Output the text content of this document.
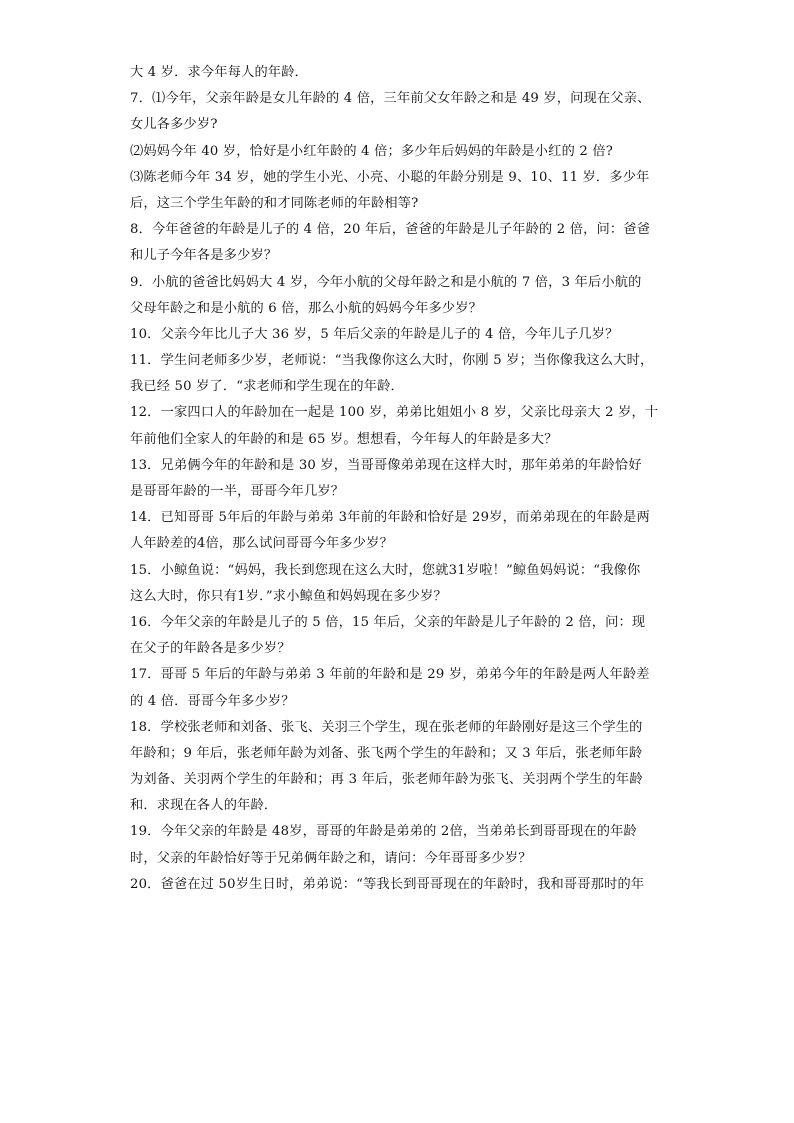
大 4 岁．求今年每人的年龄．
7．⑴今年，父亲年龄是女儿年龄的 4 倍，三年前父女年龄之和是 49 岁，问现在父亲、
女儿各多少岁?
⑵妈妈今年 40 岁，恰好是小红年龄的 4 倍；多少年后妈妈的年龄是小红的 2 倍?
⑶陈老师今年 34 岁，她的学生小光、小亮、小聪的年龄分别是 9、10、11 岁．多少年
后，这三个学生年龄的和才同陈老师的年龄相等?
8．今年爸爸的年龄是儿子的 4 倍，20 年后，爸爸的年龄是儿子年龄的 2 倍，问：爸爸
和儿子今年各是多少岁？
9．小航的爸爸比妈妈大 4 岁，今年小航的父母年龄之和是小航的 7 倍，3 年后小航的
父母年龄之和是小航的 6 倍，那么小航的妈妈今年多少岁？
10．父亲今年比儿子大 36 岁，5 年后父亲的年龄是儿子的 4 倍，今年儿子几岁？
11．学生问老师多少岁，老师说：“当我像你这么大时，你刚 5 岁；当你像我这么大时，
我已经 50 岁了．“求老师和学生现在的年龄．
12．一家四口人的年龄加在一起是 100 岁，弟弟比姐姐小 8 岁，父亲比母亲大 2 岁，十
年前他们全家人的年龄的和是 65 岁。想想看，今年每人的年龄是多大？
13．兄弟俩今年的年龄和是 30 岁，当哥哥像弟弟现在这样大时，那年弟弟的年龄恰好
是哥哥年龄的一半，哥哥今年几岁？
14．已知哥哥 5年后的年龄与弟弟 3年前的年龄和恰好是 29岁，而弟弟现在的年龄是两
人年龄差的4倍，那么试问哥哥今年多少岁？
15．小鲸鱼说：“妈妈，我长到您现在这么大时，您就31岁啦！”鲸鱼妈妈说：“我像你
这么大时，你只有1岁．”求小鲸鱼和妈妈现在多少岁？
16．今年父亲的年龄是儿子的 5 倍，15 年后，父亲的年龄是儿子年龄的 2 倍，问：现
在父子的年龄各是多少岁？
17．哥哥 5 年后的年龄与弟弟 3 年前的年龄和是 29 岁，弟弟今年的年龄是两人年龄差
的 4 倍．哥哥今年多少岁？
18．学校张老师和刘备、张飞、关羽三个学生，现在张老师的年龄刚好是这三个学生的
年龄和；9 年后，张老师年龄为刘备、张飞两个学生的年龄和；又 3 年后，张老师年龄
为刘备、关羽两个学生的年龄和；再 3 年后，张老师年龄为张飞、关羽两个学生的年龄
和．求现在各人的年龄．
19．今年父亲的年龄是 48岁，哥哥的年龄是弟弟的 2倍，当弟弟长到哥哥现在的年龄
时，父亲的年龄恰好等于兄弟俩年龄之和，请问：今年哥哥多少岁？
20．爸爸在过 50岁生日时，弟弟说：“等我长到哥哥现在的年龄时，我和哥哥那时的年
